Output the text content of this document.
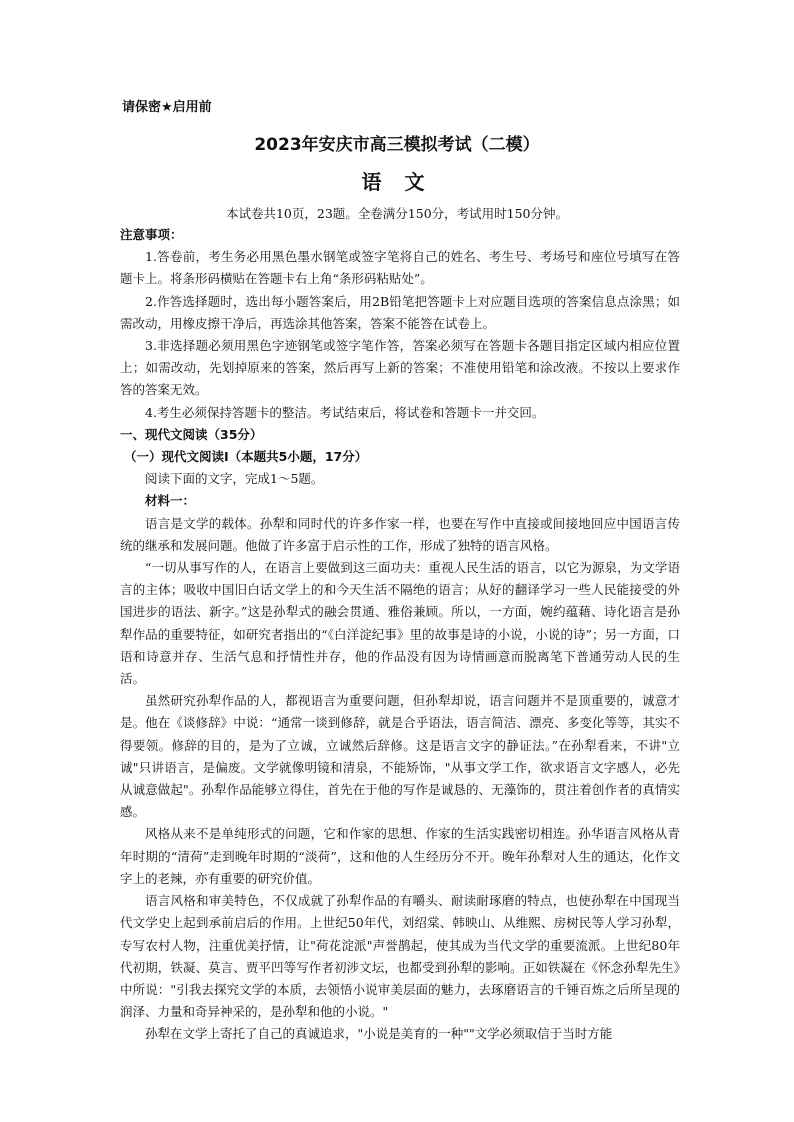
请保密★启用前
2023年安庆市高三模拟考试（二模）
语 文
本试卷共10页，23题。全卷满分150分，考试用时150分钟。

注意事项：

1.答卷前，考生务必用黑色墨水钢笔或签字笔将自己的姓名、考生号、考场号和座位号填写在答题卡上。将条形码横贴在答题卡右上角“条形码粘贴处”。

2.作答选择题时，选出每小题答案后，用2B铅笔把答题卡上对应题目选项的答案信息点涂黑；如需改动，用橡皮擦干净后，再选涂其他答案，答案不能答在试卷上。

3.非选择题必须用黑色字迹钢笔或签字笔作答，答案必须写在答题卡各题目指定区域内相应位置上；如需改动，先划掉原来的答案，然后再写上新的答案；不准使用铅笔和涂改液。不按以上要求作答的答案无效。

4.考生必须保持答题卡的整洁。考试结束后，将试卷和答题卡一并交回。

一、现代文阅读（35分）

（一）现代文阅读Ⅰ（本题共5小题，17分）

阅读下面的文字，完成1～5题。

材料一：

语言是文学的载体。孙犁和同时代的许多作家一样，也要在写作中直接或间接地回应中国语言传统的继承和发展问题。他做了许多富于启示性的工作，形成了独特的语言风格。

“一切从事写作的人，在语言上要做到这三面功夫：重视人民生活的语言，以它为源泉，为文学语言的主体；吸收中国旧白话文学上的和今天生活不隔绝的语言；从好的翻译学习一些人民能接受的外国进步的语法、新字。”这是孙犁式的融会贯通、雅俗兼顾。所以，一方面，婉约蕴藉、诗化语言是孙犁作品的重要特征，如研究者指出的“《白洋淀纪事》里的故事是诗的小说，小说的诗”；另一方面，口语和诗意并存、生活气息和抒情性并存，他的作品没有因为诗情画意而脱离笔下普通劳动人民的生活。

虽然研究孙犁作品的人，都视语言为重要问题，但孙犁却说，语言问题并不是顶重要的，诚意才是。他在《谈修辞》中说：“通常一谈到修辞，就是合乎语法，语言简洁、漂亮、多变化等等，其实不得要领。修辞的目的，是为了立诚，立诚然后辞修。这是语言文字的静证法。”在孙犁看来，不讲"立诚"只讲语言，是偏废。文学就像明镜和清泉，不能矫饰，"从事文学工作，欲求语言文字感人，必先从诚意做起"。孙犁作品能够立得住，首先在于他的写作是诚恳的、无藻饰的，贯注着创作者的真情实感。

风格从来不是单纯形式的问题，它和作家的思想、作家的生活实践密切相连。孙华语言风格从青年时期的“清荷”走到晚年时期的“淡荷”，这和他的人生经历分不开。晚年孙犁对人生的通达，化作文字上的老辣，亦有重要的研究价值。

语言风格和审美特色，不仅成就了孙犁作品的有嚼头、耐读耐琢磨的特点，也使孙犁在中国现当代文学史上起到承前启后的作用。上世纪50年代，刘绍棠、韩映山、从维熙、房树民等人学习孙犁，专写农村人物，注重优美抒情，让"荷花淀派"声誉鹊起，使其成为当代文学的重要流派。上世纪80年代初期，铁凝、莫言、贾平凹等写作者初涉文坛，也都受到孙犁的影响。正如铁凝在《怀念孙犁先生》中所说："引我去探究文学的本质，去领悟小说审美层面的魅力，去琢磨语言的千锤百炼之后所呈现的润泽、力量和奇异神采的，是孙犁和他的小说。"

孙犁在文学上寄托了自己的真诚追求，"小说是美育的一种""文学必须取信于当时方能
